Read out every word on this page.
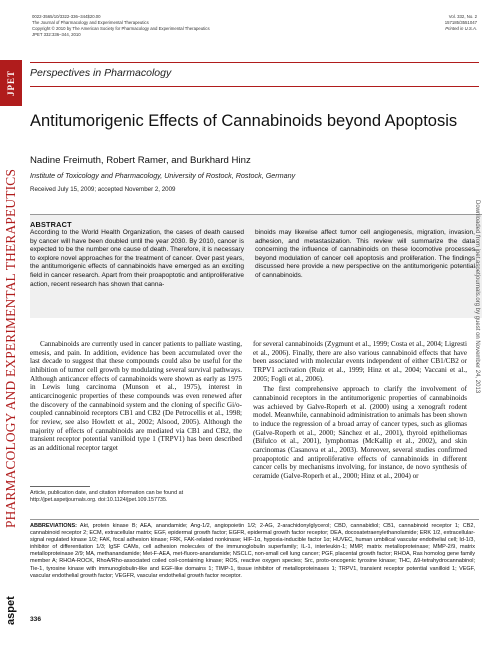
JPET
PHARMACOLOGY AND EXPERIMENTAL THERAPEUTICS
aspet
0022-3565/10/3322-336–344$20.00
The Journal of Pharmacology and Experimental Therapeutics
Copyright © 2010 by The American Society for Pharmacology and Experimental Therapeutics
JPET 332:336–344, 2010
Vol. 332, No. 2
157185/3551047
Printed in U.S.A.
Perspectives in Pharmacology
Antitumorigenic Effects of Cannabinoids beyond Apoptosis
Nadine Freimuth, Robert Ramer, and Burkhard Hinz
Institute of Toxicology and Pharmacology, University of Rostock, Rostock, Germany
Received July 15, 2009; accepted November 2, 2009
ABSTRACT
According to the World Health Organization, the cases of death caused by cancer will have been doubled until the year 2030. By 2010, cancer is expected to be the number one cause of death. Therefore, it is necessary to explore novel approaches for the treatment of cancer. Over past years, the antitumorigenic effects of cannabinoids have emerged as an exciting field in cancer research. Apart from their proapoptotic and antiproliferative action, recent research has shown that canna-
binoids may likewise affect tumor cell angiogenesis, migration, invasion, adhesion, and metastasization. This review will summarize the data concerning the influence of cannabinoids on these locomotive processes beyond modulation of cancer cell apoptosis and proliferation. The findings discussed here provide a new perspective on the antitumorigenic potential of cannabinoids.	Downloaded from jpet.aspetjournals.org by guest on November 24, 2013

Cannabinoids are currently used in cancer patients to palliate wasting, emesis, and pain. In addition, evidence has been accumulated over the last decade to suggest that these compounds could also be useful for the inhibition of tumor cell growth by modulating several survival pathways. Although anticancer effects of cannabinoids were shown as early as 1975 in Lewis lung carcinoma (Munson et al., 1975), interest in anticarcinogenic properties of these compounds was even renewed after the discovery of the cannabinoid system and the cloning of specific Gi/o-coupled cannabinoid receptors CB1 and CB2 (De Petrocellis et al., 1998; for review, see also Howlett et al., 2002; Alsood, 2005). Although the majority of effects of cannabinoids are mediated via CB1 and CB2, the transient receptor potential vanilloid type 1 (TRPV1) has been described as an additional receptor target

for several cannabinoids (Zygmunt et al., 1999; Costa et al., 2004; Ligresti et al., 2006). Finally, there are also various cannabinoid effects that have been associated with molecular events independent of either CB1/CB2 or TRPV1 activation (Ruiz et al., 1999; Hinz et al., 2004; Vaccani et al., 2005; Fogli et al., 2006).

The first comprehensive approach to clarify the involvement of cannabinoid receptors in the antitumorigenic properties of cannabinoids was achieved by Galve-Roperh et al. (2000) using a xenograft rodent model. Meanwhile, cannabinoid administration to animals has been shown to induce the regression of a broad array of cancer types, such as gliomas (Galve-Roperh et al., 2000; Sánchez et al., 2001), thyroid epitheliomas (Bifulco et al., 2001), lymphomas (McKallip et al., 2002), and skin carcinomas (Casanova et al., 2003). Moreover, several studies confirmed proapoptotic and antiproliferative effects of cannabinoids in different cancer cells by mechanisms involving, for instance, de novo synthesis of ceramide (Galve-Roperh et al., 2000; Hinz et al., 2004) or

Article, publication date, and citation information can be found at http://jpet.aspetjournals.org. doi:10.1124/jpet.109.157735.
ABBREVIATIONS: Akt, protein kinase B; AEA, anandamide; Ang-1/2, angiopoietin 1/2; 2-AG, 2-arachidonylglycerol; CBD, cannabidiol; CB1, cannabinoid receptor 1; CB2, cannabinoid receptor 2; ECM, extracellular matrix; EGF, epidermal growth factor; EGFR, epidermal growth factor receptor; DEA, docosatetraenylethanolamide; ERK 1/2, extracellular-signal regulated kinase 1/2; FAK, focal adhesion kinase; FRK, FAK-related nonkinase; HIF-1α, hypoxia-inducible factor 1α; HUVEC, human umbilical vascular endothelial cell; Id-1/3, inhibitor of differentiation 1/3; IgSF CAMs, cell adhesion molecules of the immunoglobulin superfamily; IL-1, interleukin-1; MMP, matrix metalloproteinase; MMP-2/9, matrix metalloproteinase 2/9; MA, methanandamide; Met-F-AEA, met-fluoro-anandamide; NSCLC, non-small cell lung cancer; PGF, placental growth factor; RHOA, Ras homolog gene family member A; RHOA-ROCK, RhoA/Rho-associated coiled coil-containing kinase; ROS, reactive oxygen species; Src, proto-oncogenic tyrosine kinase; THC, Δ9-tetrahydrocannabinol; Tie-1, tyrosine kinase with immunoglobulin-like and EGF-like domains 1; TIMP-1, tissue inhibitor of metalloproteinases 1; TRPV1, transient receptor potential vanilloid 1; VEGF, vascular endothelial growth factor; VEGFR, vascular endothelial growth factor receptor.
336
